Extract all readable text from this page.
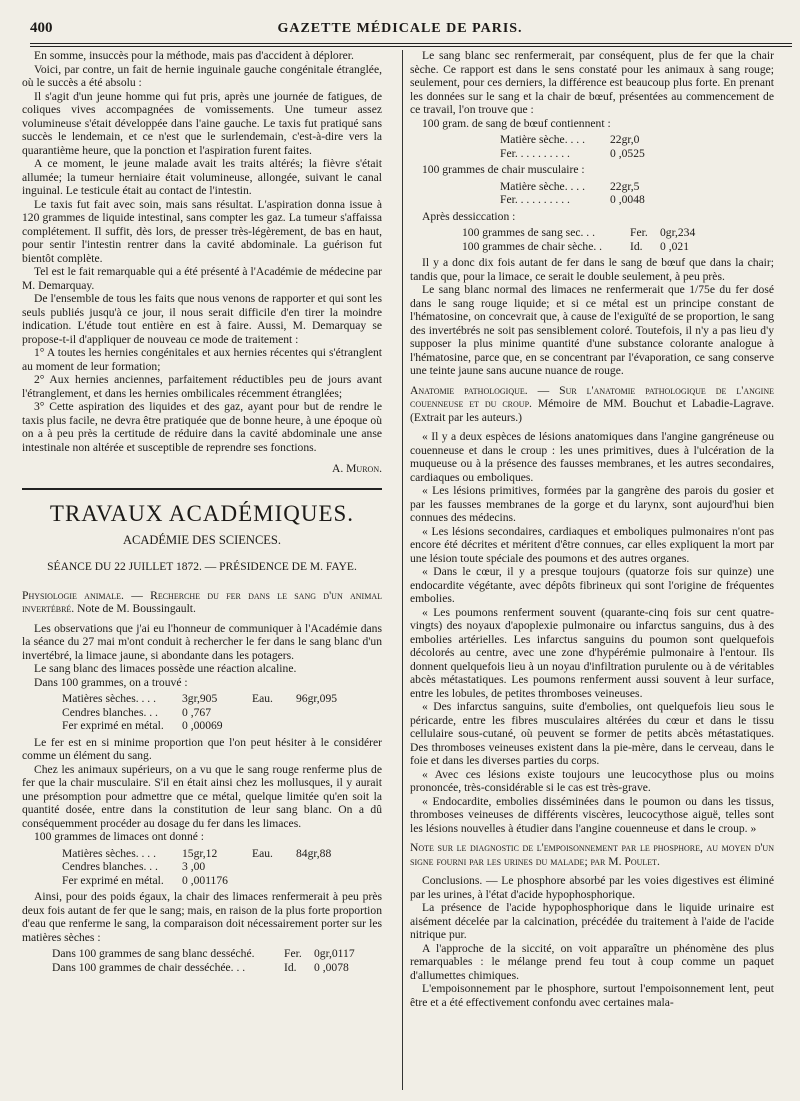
400	GAZETTE MÉDICALE DE PARIS.

En somme, insuccès pour la méthode, mais pas d'accident à déplorer.

Voici, par contre, un fait de hernie inguinale gauche congénitale étranglée, où le succès a été absolu :

Il s'agit d'un jeune homme qui fut pris, après une journée de fatigues, de coliques vives accompagnées de vomissements. Une tumeur assez volumineuse s'était développée dans l'aine gauche. Le taxis fut pratiqué sans succès le lendemain, et ce n'est que le surlendemain, c'est-à-dire vers la quarantième heure, que la ponction et l'aspiration furent faites.

A ce moment, le jeune malade avait les traits altérés; la fièvre s'était allumée; la tumeur herniaire était volumineuse, allongée, suivant le canal inguinal. Le testicule était au contact de l'intestin.

Le taxis fut fait avec soin, mais sans résultat. L'aspiration donna issue à 120 grammes de liquide intestinal, sans compter les gaz. La tumeur s'affaissa complétement. Il suffit, dès lors, de presser très-légèrement, de bas en haut, pour sentir l'intestin rentrer dans la cavité abdominale. La guérison fut bientôt complète.

Tel est le fait remarquable qui a été présenté à l'Académie de médecine par M. Demarquay.

De l'ensemble de tous les faits que nous venons de rapporter et qui sont les seuls publiés jusqu'à ce jour, il nous serait difficile d'en tirer la moindre indication. L'étude tout entière en est à faire. Aussi, M. Demarquay se propose-t-il d'appliquer de nouveau ce mode de traitement :

1° A toutes les hernies congénitales et aux hernies récentes qui s'étranglent au moment de leur formation;

2° Aux hernies anciennes, parfaitement réductibles peu de jours avant l'étranglement, et dans les hernies ombilicales récemment étranglées;

3° Cette aspiration des liquides et des gaz, ayant pour but de rendre le taxis plus facile, ne devra être pratiquée que de bonne heure, à une époque où on a à peu près la certitude de réduire dans la cavité abdominale une anse intestinale non altérée et susceptible de reprendre ses fonctions.

A. Muron.
TRAVAUX ACADÉMIQUES.
ACADÉMIE DES SCIENCES.
SÉANCE DU 22 JUILLET 1872. — PRÉSIDENCE DE M. FAYE.

Physiologie animale. — Recherche du fer dans le sang d'un animal invertébré. Note de M. Boussingault.

Les observations que j'ai eu l'honneur de communiquer à l'Académie dans la séance du 27 mai m'ont conduit à rechercher le fer dans le sang blanc d'un invertébré, la limace jaune, si abondante dans les potagers.

Le sang blanc des limaces possède une réaction alcaline.

Dans 100 grammes, on a trouvé :

Matières sèches. . . .	3gr,905	Eau.	96gr,095
Cendres blanches. . .	0 ,767
Fer exprimé en métal.	0 ,00069

Le fer est en si minime proportion que l'on peut hésiter à le considérer comme un élément du sang.

Chez les animaux supérieurs, on a vu que le sang rouge renferme plus de fer que la chair musculaire. S'il en était ainsi chez les mollusques, il y aurait une présomption pour admettre que ce métal, quelque limitée qu'en soit la quantité dosée, entre dans la constitution de leur sang blanc. On a dû conséquemment procéder au dosage du fer dans les limaces.

100 grammes de limaces ont donné :

Matières sèches. . . .	15gr,12	Eau.	84gr,88
Cendres blanches. . .	3 ,00
Fer exprimé en métal.	0 ,001176

Ainsi, pour des poids égaux, la chair des limaces renfermerait à peu près deux fois autant de fer que le sang; mais, en raison de la plus forte proportion d'eau que renferme le sang, la comparaison doit nécessairement porter sur les matières sèches :

Dans 100 grammes de sang blanc desséché.	Fer.	0gr,0117
Dans 100 grammes de chair desséchée. . .	Id.	0 ,0078

Le sang blanc sec renfermerait, par conséquent, plus de fer que la chair sèche. Ce rapport est dans le sens constaté pour les animaux à sang rouge; seulement, pour ces derniers, la différence est beaucoup plus forte. En prenant les données sur le sang et la chair de bœuf, présentées au commencement de ce travail, l'on trouve que :

100 gram. de sang de bœuf contiennent :

Matière sèche. . . .	22gr,0
Fer. . . . . . . . . .	0 ,0525

100 grammes de chair musculaire :

Matière sèche. . . .	22gr,5
Fer. . . . . . . . . .	0 ,0048

Après dessiccation :

100 grammes de sang sec. . .	Fer.	0gr,234
100 grammes de chair sèche. .	Id.	0 ,021

Il y a donc dix fois autant de fer dans le sang de bœuf que dans la chair; tandis que, pour la limace, ce serait le double seulement, à peu près.

Le sang blanc normal des limaces ne renfermerait que 1/75e du fer dosé dans le sang rouge liquide; et si ce métal est un principe constant de l'hématosine, on concevrait que, à cause de l'exiguïté de se proportion, le sang des invertébrés ne soit pas sensiblement coloré. Toutefois, il n'y a pas lieu d'y supposer la plus minime quantité d'une substance colorante analogue à l'hématosine, parce que, en se concentrant par l'évaporation, ce sang conserve une teinte jaune sans aucune nuance de rouge.

Anatomie pathologique. — Sur l'anatomie pathologique de l'angine couenneuse et du croup. Mémoire de MM. Bouchut et Labadie-Lagrave. (Extrait par les auteurs.)

« Il y a deux espèces de lésions anatomiques dans l'angine gangréneuse ou couenneuse et dans le croup : les unes primitives, dues à l'ulcération de la muqueuse ou à la présence des fausses membranes, et les autres secondaires, cardiaques ou emboliques.

« Les lésions primitives, formées par la gangrène des parois du gosier et par les fausses membranes de la gorge et du larynx, sont aujourd'hui bien connues des médecins.

« Les lésions secondaires, cardiaques et emboliques pulmonaires n'ont pas encore été décrites et méritent d'être connues, car elles expliquent la mort par une lésion toute spéciale des poumons et des autres organes.

« Dans le cœur, il y a presque toujours (quatorze fois sur quinze) une endocardite végétante, avec dépôts fibrineux qui sont l'origine de fréquentes embolies.

« Les poumons renferment souvent (quarante-cinq fois sur cent quatre-vingts) des noyaux d'apoplexie pulmonaire ou infarctus sanguins, dus à des embolies artérielles. Les infarctus sanguins du poumon sont quelquefois décolorés au centre, avec une zone d'hypérémie pulmonaire à l'entour. Ils donnent quelquefois lieu à un noyau d'infiltration purulente ou à de véritables abcès métastatiques. Les poumons renferment aussi souvent à leur surface, entre les lobules, de petites thromboses veineuses.

« Des infarctus sanguins, suite d'embolies, ont quelquefois lieu sous le péricarde, entre les fibres musculaires altérées du cœur et dans le tissu cellulaire sous-cutané, où peuvent se former de petits abcès métastatiques. Des thromboses veineuses existent dans la pie-mère, dans le cerveau, dans le foie et dans les diverses parties du corps.

« Avec ces lésions existe toujours une leucocythose plus ou moins prononcée, très-considérable si le cas est très-grave.

« Endocardite, embolies disséminées dans le poumon ou dans les tissus, thromboses veineuses de différents viscères, leucocythose aiguë, telles sont les lésions nouvelles à étudier dans l'angine couenneuse et dans le croup. »

Note sur le diagnostic de l'empoisonnement par le phosphore, au moyen d'un signe fourni par les urines du malade; par M. Poulet.

Conclusions. — Le phosphore absorbé par les voies digestives est éliminé par les urines, à l'état d'acide hypophosphorique.

La présence de l'acide hypophosphorique dans le liquide urinaire est aisément décelée par la calcination, précédée du traitement à l'aide de l'acide nitrique pur.

A l'approche de la siccité, on voit apparaître un phénomène des plus remarquables : le mélange prend feu tout à coup comme un paquet d'allumettes chimiques.

L'empoisonnement par le phosphore, surtout l'empoisonnement lent, peut être et a été effectivement confondu avec certaines mala-
